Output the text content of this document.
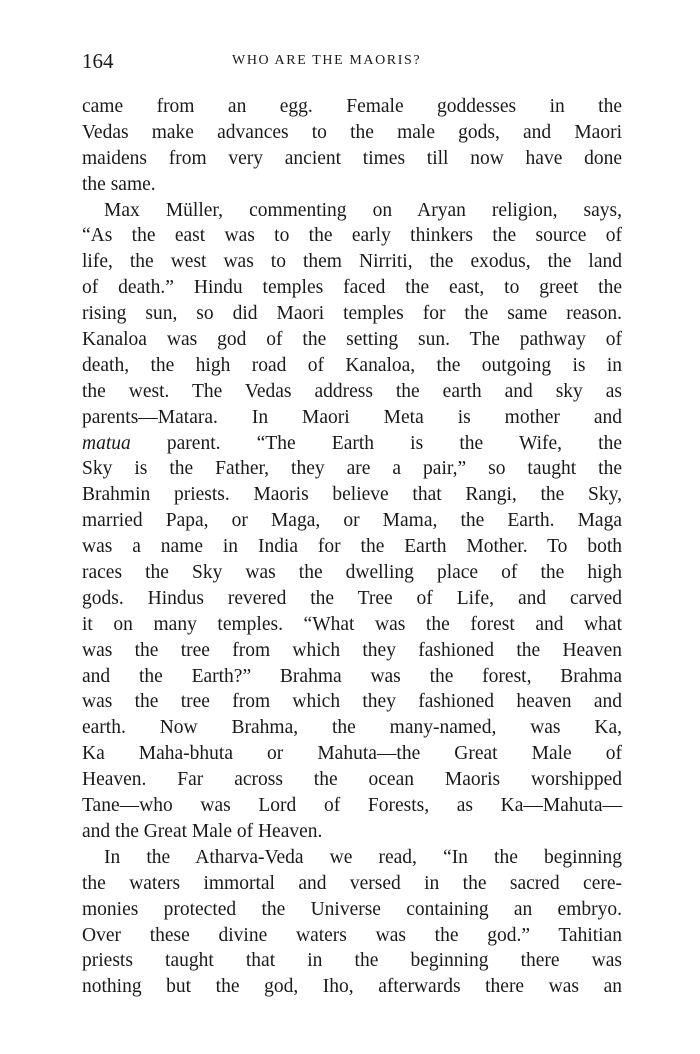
164	WHO ARE THE MAORIS?
came from an egg. Female goddesses in the
Vedas make advances to the male gods, and Maori
maidens from very ancient times till now have done
the same.
Max Müller, commenting on Aryan religion, says,
“As the east was to the early thinkers the source of
life, the west was to them Nirriti, the exodus, the land
of death.” Hindu temples faced the east, to greet the
rising sun, so did Maori temples for the same reason.
Kanaloa was god of the setting sun. The pathway of
death, the high road of Kanaloa, the outgoing is in
the west. The Vedas address the earth and sky as
parents—Matara. In Maori Meta is mother and
matua parent. “The Earth is the Wife, the
Sky is the Father, they are a pair,” so taught the
Brahmin priests. Maoris believe that Rangi, the Sky,
married Papa, or Maga, or Mama, the Earth. Maga
was a name in India for the Earth Mother. To both
races the Sky was the dwelling place of the high
gods. Hindus revered the Tree of Life, and carved
it on many temples. “What was the forest and what
was the tree from which they fashioned the Heaven
and the Earth?” Brahma was the forest, Brahma
was the tree from which they fashioned heaven and
earth. Now Brahma, the many-named, was Ka,
Ka Maha-bhuta or Mahuta—the Great Male of
Heaven. Far across the ocean Maoris worshipped
Tane—who was Lord of Forests, as Ka—Mahuta—
and the Great Male of Heaven.
In the Atharva-Veda we read, “In the beginning
the waters immortal and versed in the sacred cere-
monies protected the Universe containing an embryo.
Over these divine waters was the god.” Tahitian
priests taught that in the beginning there was
nothing but the god, Iho, afterwards there was an
